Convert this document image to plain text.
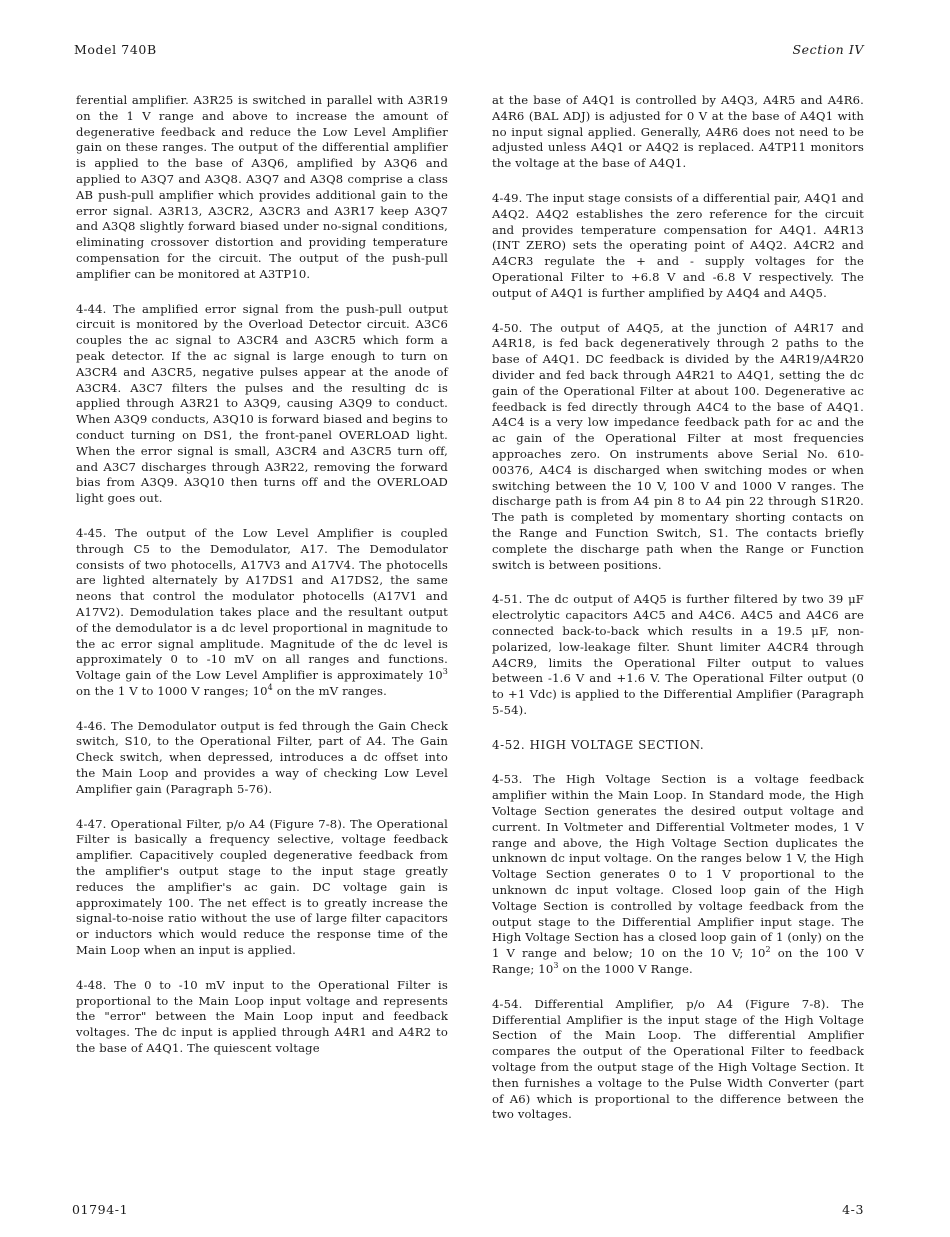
Model 740B	Section IV

ferential amplifier. A3R25 is switched in parallel with A3R19 on the 1 V range and above to increase the amount of degenerative feedback and reduce the Low Level Amplifier gain on these ranges. The output of the differential amplifier is applied to the base of A3Q6, amplified by A3Q6 and applied to A3Q7 and A3Q8. A3Q7 and A3Q8 comprise a class AB push-pull amplifier which provides additional gain to the error signal. A3R13, A3CR2, A3CR3 and A3R17 keep A3Q7 and A3Q8 slightly forward biased under no-signal conditions, eliminating crossover distortion and providing temperature compensation for the circuit. The output of the push-pull amplifier can be monitored at A3TP10.

4-44. The amplified error signal from the push-pull output circuit is monitored by the Overload Detector circuit. A3C6 couples the ac signal to A3CR4 and A3CR5 which form a peak detector. If the ac signal is large enough to turn on A3CR4 and A3CR5, negative pulses appear at the anode of A3CR4. A3C7 filters the pulses and the resulting dc is applied through A3R21 to A3Q9, causing A3Q9 to conduct. When A3Q9 conducts, A3Q10 is forward biased and begins to conduct turning on DS1, the front-panel OVERLOAD light. When the error signal is small, A3CR4 and A3CR5 turn off, and A3C7 discharges through A3R22, removing the forward bias from A3Q9. A3Q10 then turns off and the OVERLOAD light goes out.

4-45. The output of the Low Level Amplifier is coupled through C5 to the Demodulator, A17. The Demodulator consists of two photocells, A17V3 and A17V4. The photocells are lighted alternately by A17DS1 and A17DS2, the same neons that control the modulator photocells (A17V1 and A17V2). Demodulation takes place and the resultant output of the demodulator is a dc level proportional in magnitude to the ac error signal amplitude. Magnitude of the dc level is approximately 0 to -10 mV on all ranges and functions. Voltage gain of the Low Level Amplifier is approximately $10^3$ on the 1 V to 1000 V ranges; $10^4$ on the mV ranges.

4-46. The Demodulator output is fed through the Gain Check switch, S10, to the Operational Filter, part of A4. The Gain Check switch, when depressed, introduces a dc offset into the Main Loop and provides a way of checking Low Level Amplifier gain (Paragraph 5-76).

4-47. Operational Filter, p/o A4 (Figure 7-8). The Operational Filter is basically a frequency selective, voltage feedback amplifier. Capacitively coupled degenerative feedback from the amplifier's output stage to the input stage greatly reduces the amplifier's ac gain. DC voltage gain is approximately 100. The net effect is to greatly increase the signal-to-noise ratio without the use of large filter capacitors or inductors which would reduce the response time of the Main Loop when an input is applied.

4-48. The 0 to -10 mV input to the Operational Filter is proportional to the Main Loop input voltage and represents the "error" between the Main Loop input and feedback voltages. The dc input is applied through A4R1 and A4R2 to the base of A4Q1. The quiescent voltage

at the base of A4Q1 is controlled by A4Q3, A4R5 and A4R6. A4R6 (BAL ADJ) is adjusted for 0 V at the base of A4Q1 with no input signal applied. Generally, A4R6 does not need to be adjusted unless A4Q1 or A4Q2 is replaced. A4TP11 monitors the voltage at the base of A4Q1.

4-49. The input stage consists of a differential pair, A4Q1 and A4Q2. A4Q2 establishes the zero reference for the circuit and provides temperature compensation for A4Q1. A4R13 (INT ZERO) sets the operating point of A4Q2. A4CR2 and A4CR3 regulate the + and - supply voltages for the Operational Filter to +6.8 V and -6.8 V respectively. The output of A4Q1 is further amplified by A4Q4 and A4Q5.

4-50. The output of A4Q5, at the junction of A4R17 and A4R18, is fed back degeneratively through 2 paths to the base of A4Q1. DC feedback is divided by the A4R19/A4R20 divider and fed back through A4R21 to A4Q1, setting the dc gain of the Operational Filter at about 100. Degenerative ac feedback is fed directly through A4C4 to the base of A4Q1. A4C4 is a very low impedance feedback path for ac and the ac gain of the Operational Filter at most frequencies approaches zero. On instruments above Serial No. 610-00376, A4C4 is discharged when switching modes or when switching between the 10 V, 100 V and 1000 V ranges. The discharge path is from A4 pin 8 to A4 pin 22 through S1R20. The path is completed by momentary shorting contacts on the Range and Function Switch, S1. The contacts briefly complete the discharge path when the Range or Function switch is between positions.

4-51. The dc output of A4Q5 is further filtered by two 39 μF electrolytic capacitors A4C5 and A4C6. A4C5 and A4C6 are connected back-to-back which results in a 19.5 μF, non-polarized, low-leakage filter. Shunt limiter A4CR4 through A4CR9, limits the Operational Filter output to values between -1.6 V and +1.6 V. The Operational Filter output (0 to +1 Vdc) is applied to the Differential Amplifier (Paragraph 5-54).

4-52. HIGH VOLTAGE SECTION.

4-53. The High Voltage Section is a voltage feedback amplifier within the Main Loop. In Standard mode, the High Voltage Section generates the desired output voltage and current. In Voltmeter and Differential Voltmeter modes, 1 V range and above, the High Voltage Section duplicates the unknown dc input voltage. On the ranges below 1 V, the High Voltage Section generates 0 to 1 V proportional to the unknown dc input voltage. Closed loop gain of the High Voltage Section is controlled by voltage feedback from the output stage to the Differential Amplifier input stage. The High Voltage Section has a closed loop gain of 1 (only) on the 1 V range and below; 10 on the 10 V; $10^2$ on the 100 V Range; $10^3$ on the 1000 V Range.

4-54. Differential Amplifier, p/o A4 (Figure 7-8). The Differential Amplifier is the input stage of the High Voltage Section of the Main Loop. The differential Amplifier compares the output of the Operational Filter to feedback voltage from the output stage of the High Voltage Section. It then furnishes a voltage to the Pulse Width Converter (part of A6) which is proportional to the difference between the two voltages.

01794-1	4-3
